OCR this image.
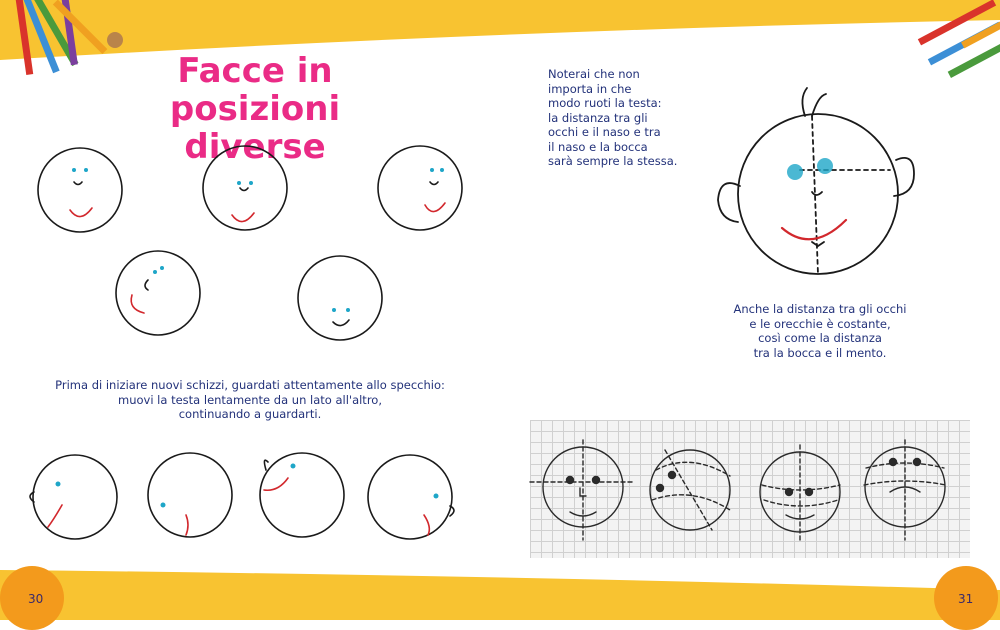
30	31
Facce in posizioni
diverse

Noterai che non
importa in che
modo ruoti la testa:
la distanza tra gli
occhi e il naso e tra
il naso e la bocca
sarà sempre la stessa.

Anche la distanza tra gli occhi
e le orecchie è costante,
così come la distanza
tra la bocca e il mento.

Prima di iniziare nuovi schizzi, guardati attentamente allo specchio:
muovi la testa lentamente da un lato all'altro,
continuando a guardarti.
